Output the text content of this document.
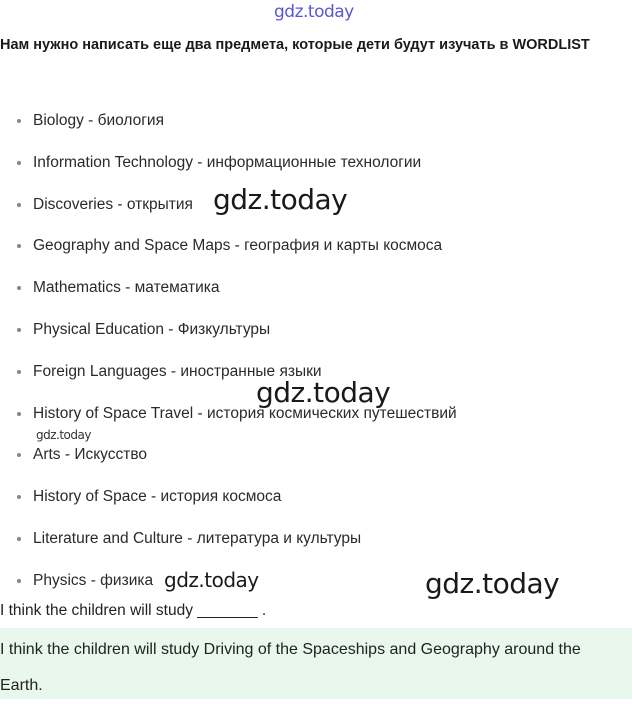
gdz.today
Нам нужно написать еще два предмета, которые дети будут изучать в WORDLIST
Biology - биология
Information Technology - информационные технологии
Discoveries - открытия
Geography and Space Maps - география и карты космоса
Mathematics - математика
Physical Education - Физкультуры
Foreign Languages - иностранные языки
History of Space Travel - история космических путешествий
Arts - Искусство
History of Space - история космоса
Literature and Culture - литература и культуры
Physics - физика
gdz.today
gdz.today
gdz.today
gdz.today	gdz.today
I think the children will study _______ .
I think the children will study Driving of the Spaceships and Geography around the Earth.
